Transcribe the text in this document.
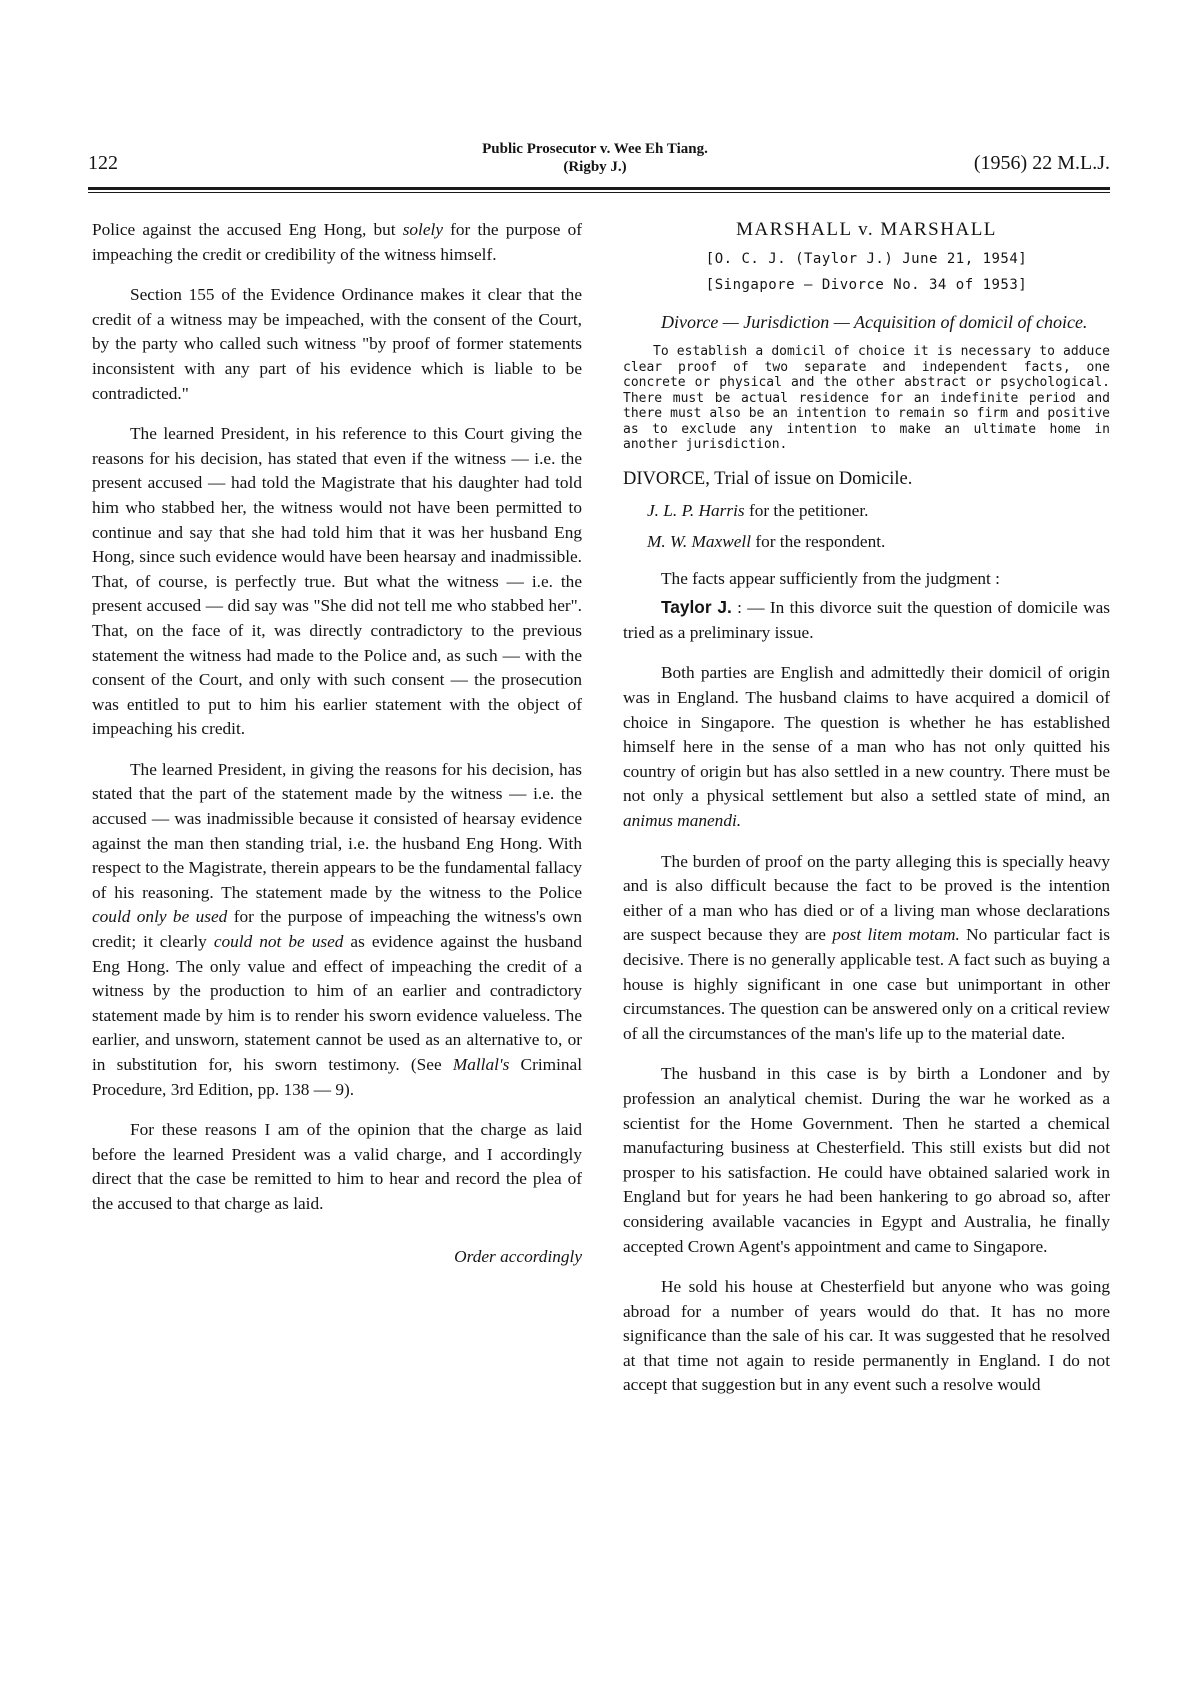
122
Public Prosecutor v. Wee Eh Tiang.
(Rigby J.)	(1956) 22 M.L.J.

Police against the accused Eng Hong, but solely for the purpose of impeaching the credit or credibility of the witness himself.

Section 155 of the Evidence Ordinance makes it clear that the credit of a witness may be impeached, with the consent of the Court, by the party who called such witness "by proof of former statements inconsistent with any part of his evidence which is liable to be contradicted."

The learned President, in his reference to this Court giving the reasons for his decision, has stated that even if the witness — i.e. the present accused — had told the Magistrate that his daughter had told him who stabbed her, the witness would not have been permitted to continue and say that she had told him that it was her husband Eng Hong, since such evidence would have been hearsay and inadmissible. That, of course, is perfectly true. But what the witness — i.e. the present accused — did say was "She did not tell me who stabbed her". That, on the face of it, was directly contradictory to the previous statement the witness had made to the Police and, as such — with the consent of the Court, and only with such consent — the prosecution was entitled to put to him his earlier statement with the object of impeaching his credit.

The learned President, in giving the reasons for his decision, has stated that the part of the statement made by the witness — i.e. the accused — was inadmissible because it consisted of hearsay evidence against the man then standing trial, i.e. the husband Eng Hong. With respect to the Magistrate, therein appears to be the fundamental fallacy of his reasoning. The statement made by the witness to the Police could only be used for the purpose of impeaching the witness's own credit; it clearly could not be used as evidence against the husband Eng Hong. The only value and effect of impeaching the credit of a witness by the production to him of an earlier and contradictory statement made by him is to render his sworn evidence valueless. The earlier, and unsworn, statement cannot be used as an alternative to, or in substitution for, his sworn testimony. (See Mallal's Criminal Procedure, 3rd Edition, pp. 138 — 9).

For these reasons I am of the opinion that the charge as laid before the learned President was a valid charge, and I accordingly direct that the case be remitted to him to hear and record the plea of the accused to that charge as laid.

Order accordingly

MARSHALL v. MARSHALL
[O. C. J. (Taylor J.) June 21, 1954]
[Singapore — Divorce No. 34 of 1953]
Divorce — Jurisdiction — Acquisition of domicil of choice.
To establish a domicil of choice it is necessary to adduce clear proof of two separate and independent facts, one concrete or physical and the other abstract or psychological. There must be actual residence for an indefinite period and there must also be an intention to remain so firm and positive as to exclude any intention to make an ultimate home in another jurisdiction.

DIVORCE, Trial of issue on Domicile.

J. L. P. Harris for the petitioner.

M. W. Maxwell for the respondent.

The facts appear sufficiently from the judgment :

Taylor J. : — In this divorce suit the question of domicile was tried as a preliminary issue.

Both parties are English and admittedly their domicil of origin was in England. The husband claims to have acquired a domicil of choice in Singapore. The question is whether he has established himself here in the sense of a man who has not only quitted his country of origin but has also settled in a new country. There must be not only a physical settlement but also a settled state of mind, an animus manendi.

The burden of proof on the party alleging this is specially heavy and is also difficult because the fact to be proved is the intention either of a man who has died or of a living man whose declarations are suspect because they are post litem motam. No particular fact is decisive. There is no generally applicable test. A fact such as buying a house is highly significant in one case but unimportant in other circumstances. The question can be answered only on a critical review of all the circumstances of the man's life up to the material date.

The husband in this case is by birth a Londoner and by profession an analytical chemist. During the war he worked as a scientist for the Home Government. Then he started a chemical manufacturing business at Chesterfield. This still exists but did not prosper to his satisfaction. He could have obtained salaried work in England but for years he had been hankering to go abroad so, after considering available vacancies in Egypt and Australia, he finally accepted Crown Agent's appointment and came to Singapore.

He sold his house at Chesterfield but anyone who was going abroad for a number of years would do that. It has no more significance than the sale of his car. It was suggested that he resolved at that time not again to reside permanently in England. I do not accept that suggestion but in any event such a resolve would
